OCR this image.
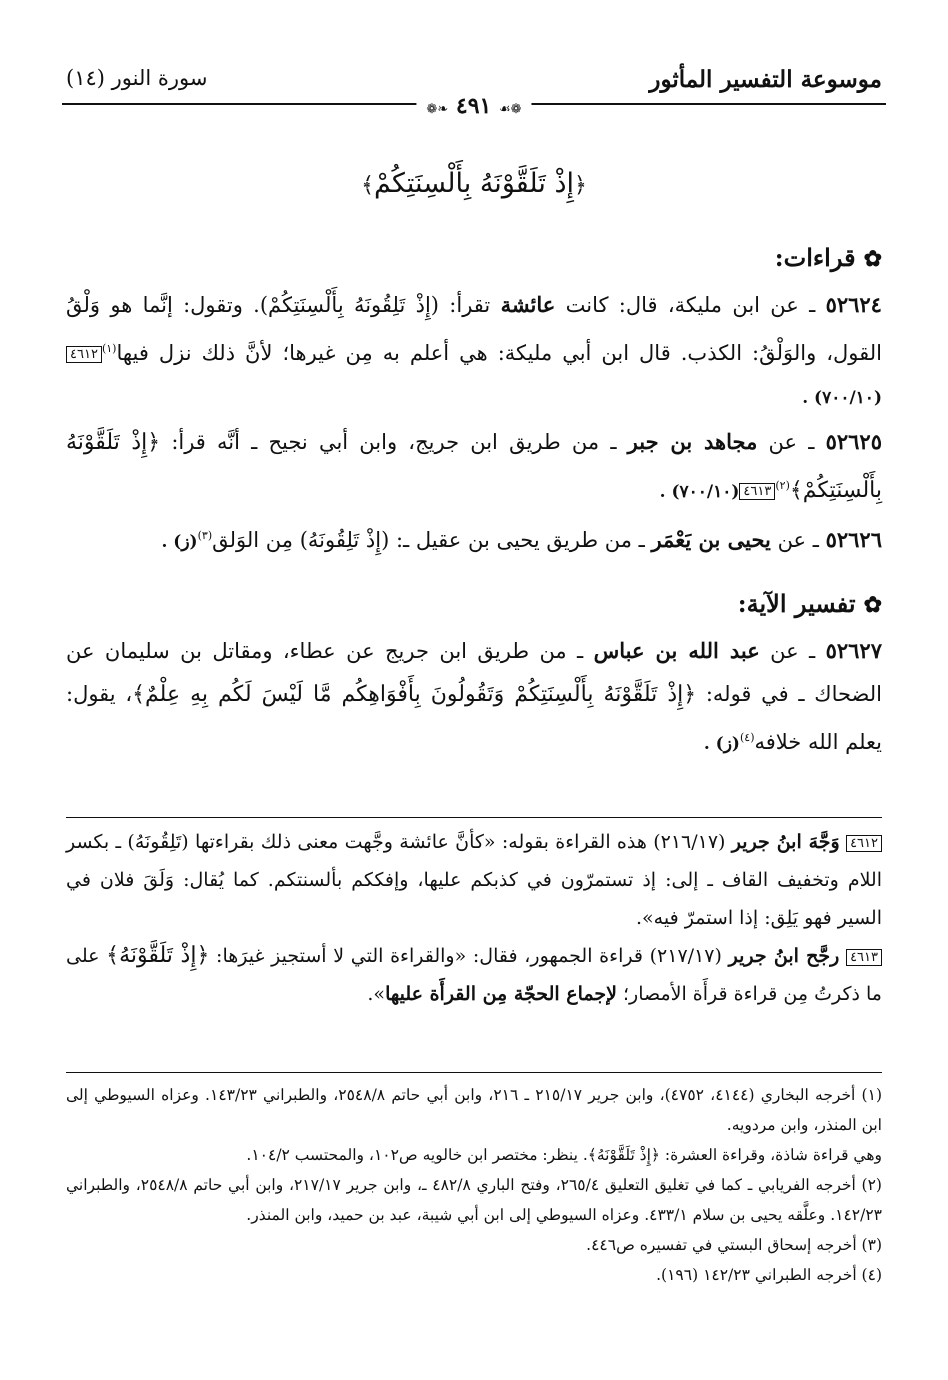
موسوعة التفسير المأثور
سورة النور (١٤)
❁❧ ٤٩١ ☙❁
﴿إِذْ تَلَقَّوْنَهُ بِأَلْسِنَتِكُمْ﴾
✿قراءات:

٥٢٦٢٤ ـ عن ابن مليكة، قال: كانت عائشة تقرأ: (إِذْ تَلِقُونَهُ بِأَلْسِنَتِكُمْ). وتقول: إنَّما هو وَلْقُ القول، والوَلْقُ: الكذب. قال ابن أبي مليكة: هي أعلم به مِن غيرها؛ لأنَّ ذلك نزل فيها$^{(١)}$٤٦١٢. (٧٠٠/١٠)

٥٢٦٢٥ ـ عن مجاهد بن جبر ـ من طريق ابن جريج، وابن أبي نجيح ـ أنَّه قرأ: ﴿إِذْ تَلَقَّوْنَهُ بِأَلْسِنَتِكُمْ﴾$^{(٢)}$٤٦١٣. (٧٠٠/١٠)

٥٢٦٢٦ ـ عن يحيى بن يَعْمَر ـ من طريق يحيى بن عقيل ـ: (إِذْ تَلِقُونَهُ) مِن الوَلق$^{(٣)}$. (ز)

✿تفسير الآية:

٥٢٦٢٧ ـ عن عبد الله بن عباس ـ من طريق ابن جريج عن عطاء، ومقاتل بن سليمان عن الضحاك ـ في قوله: ﴿إِذْ تَلَقَّوْنَهُ بِأَلْسِنَتِكُمْ وَتَقُولُونَ بِأَفْوَاهِكُم مَّا لَيْسَ لَكُم بِهِ عِلْمٌ﴾، يقول: يعلم الله خلافه$^{(٤)}$. (ز)

٤٦١٢ وَجَّهَ ابنُ جرير (٢١٦/١٧) هذه القراءة بقوله: «كأنَّ عائشة وجَّهت معنى ذلك بقراءتها (تَلِقُونَهُ) ـ بكسر اللام وتخفيف القاف ـ إلى: إذ تستمرّون في كذبكم عليها، وإفككم بألسنتكم. كما يُقال: وَلَقَ فلان في السير فهو يَلِق: إذا استمرّ فيه».

٤٦١٣ رجَّح ابنُ جرير (٢١٧/١٧) قراءة الجمهور، فقال: «والقراءة التي لا أستجيز غيرَها: ﴿إِذْ تَلَقَّوْنَهُ﴾ على ما ذكرتُ مِن قراءة قرأَة الأمصار؛ لإجماع الحجّة مِن القرأَة عليها».

(١) أخرجه البخاري (٤١٤٤، ٤٧٥٢)، وابن جرير ٢١٥/١٧ ـ ٢١٦، وابن أبي حاتم ٢٥٤٨/٨، والطبراني ١٤٣/٢٣. وعزاه السيوطي إلى ابن المنذر، وابن مردويه.

وهي قراءة شاذة، وقراءة العشرة: ﴿إِذْ تَلَقَّوْنَهُ﴾. ينظر: مختصر ابن خالويه ص١٠٢، والمحتسب ١٠٤/٢.

(٢) أخرجه الفريابي ـ كما في تغليق التعليق ٢٦٥/٤، وفتح الباري ٤٨٢/٨ ـ، وابن جرير ٢١٧/١٧، وابن أبي حاتم ٢٥٤٨/٨، والطبراني ١٤٢/٢٣. وعلَّقه يحيى بن سلام ٤٣٣/١. وعزاه السيوطي إلى ابن أبي شيبة، عبد بن حميد، وابن المنذر.

(٣) أخرجه إسحاق البستي في تفسيره ص٤٤٦.

(٤) أخرجه الطبراني ١٤٢/٢٣ (١٩٦).
